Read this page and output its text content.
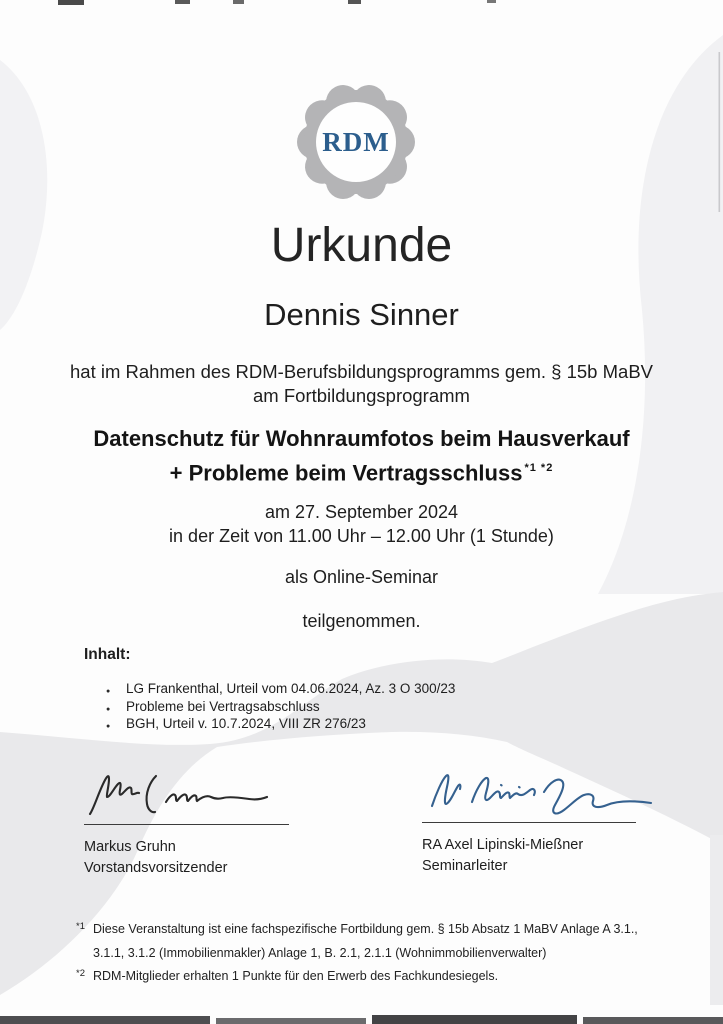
RDM
Urkunde
Dennis Sinner
hat im Rahmen des RDM-Berufsbildungsprogramms gem. § 15b MaBV
am Fortbildungsprogramm
Datenschutz für Wohnraumfotos beim Hausverkauf
+ Probleme beim Vertragsschluss $^{*1 *2}$
am 27. September 2024
in der Zeit von 11.00 Uhr – 12.00 Uhr (1 Stunde)
als Online-Seminar
teilgenommen.
Inhalt:
● LG Frankenthal, Urteil vom 04.06.2024, Az. 3 O 300/23
● Probleme bei Vertragsabschluss
● BGH, Urteil v. 10.7.2024, VIII ZR 276/23
Markus Gruhn
Vorstandsvorsitzender
RA Axel Lipinski-Mießner
Seminarleiter
*1 Diese Veranstaltung ist eine fachspezifische Fortbildung gem. § 15b Absatz 1 MaBV Anlage A 3.1., 3.1.1, 3.1.2 (Immobilienmakler) Anlage 1, B. 2.1, 2.1.1 (Wohnimmobilienverwalter)
*2 RDM-Mitglieder erhalten 1 Punkte für den Erwerb des Fachkundesiegels.
